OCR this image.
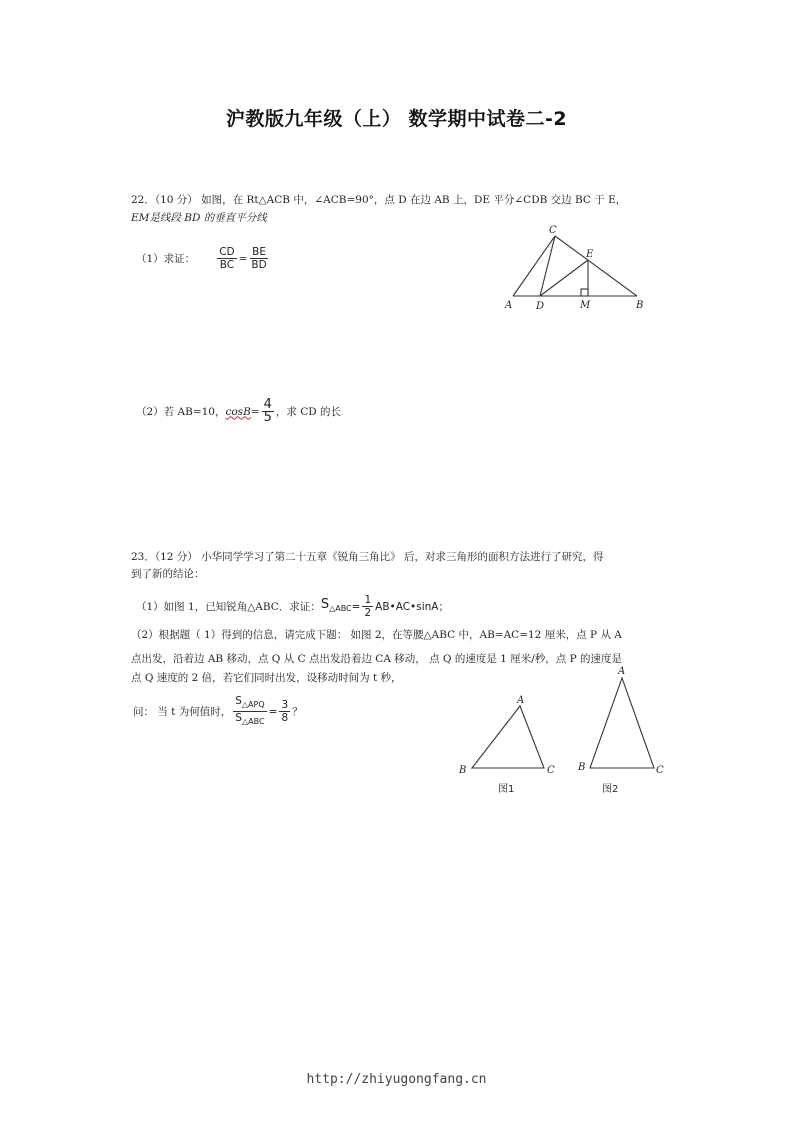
沪教版九年级（上） 数学期中试卷二-2
22．（10 分） 如图，在 Rt△ACB 中，∠ACB=90°，点 D 在边 AB 上，DE 平分∠CDB 交边 BC 于 E，
EM是线段 BD 的垂直平分线
（1）求证： $\frac{CD}{BC} = \frac{BE}{BD}$
A	B
C
D
E
M
（2）若 AB=10， $\cos B = \frac{4}{5}$ ，求 CD 的长
23．（12 分） 小华同学学习了第二十五章《锐角三角比》 后，对求三角形的面积方法进行了研究，得
到了新的结论：
（1）如图 1，已知锐角△ABC．求证： $S_{\triangle ABC} = \frac{1}{2}$ AB•AC•sinA；
（2）根据题（ 1）得到的信息，请完成下题： 如图 2，在等腰△ABC 中，AB=AC=12 厘米，点 P 从 A
点出发，沿着边 AB 移动，点 Q 从 C 点出发沿着边 CA 移动， 点 Q 的速度是 1 厘米/秒，点 P 的速度是
点 Q 速度的 2 倍，若它们同时出发，设移动时间为 t 秒，
问： 当 t 为何值时， $\frac{S_{\triangle APQ}}{S_{\triangle ABC}} = \frac{3}{8}$ ？
A
B	C
A
B	C
图1	图2
http://zhiyugongfang.cn
